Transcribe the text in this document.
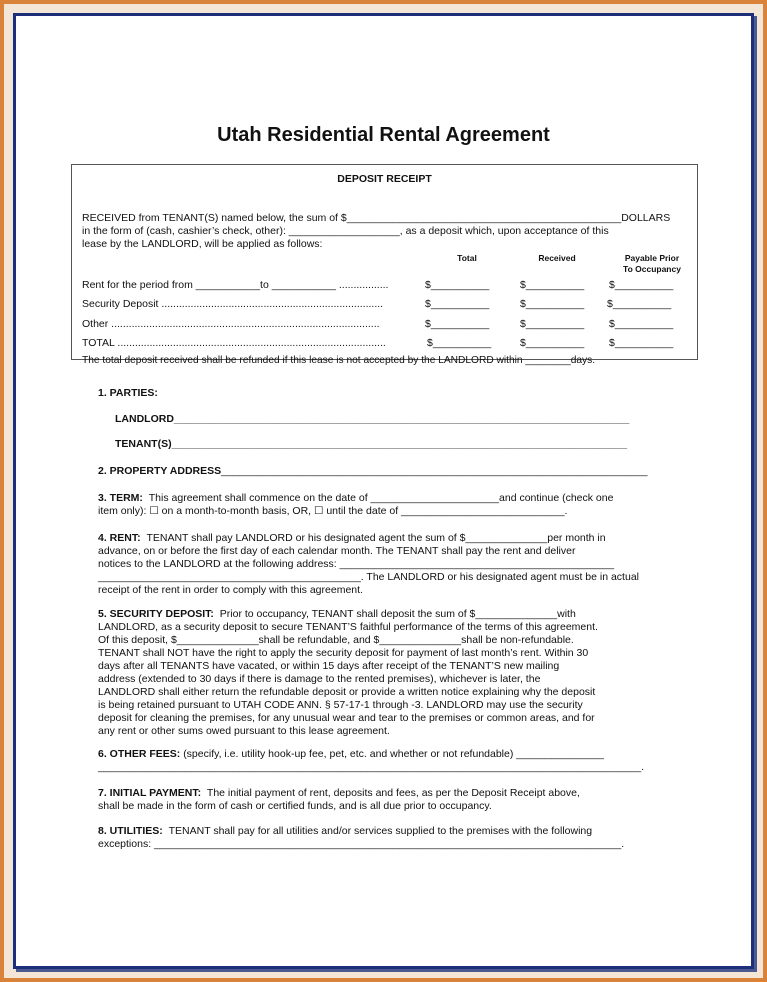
Utah Residential Rental Agreement
DEPOSIT RECEIPT
RECEIVED from TENANT(S) named below, the sum of $_______________________________________________DOLLARS
in the form of (cash, cashier’s check, other): ___________________, as a deposit which, upon acceptance of this
lease by the LANDLORD, will be applied as follows:
Total	Received	Payable Prior
To Occupancy
Rent for the period from ___________to ___________ .................	$__________	$__________ $__________
Security Deposit ............................................................................	$__________	$__________ $__________
Other ............................................................................................	$__________	$__________ $__________
TOTAL ............................................................................................	$__________	$__________ $__________
The total deposit received shall be refunded if this lease is not accepted by the LANDLORD within ________days.
1. PARTIES:
LANDLORD______________________________________________________________________________
TENANT(S)______________________________________________________________________________
2. PROPERTY ADDRESS_________________________________________________________________________
3. TERM: This agreement shall commence on the date of ______________________and continue (check one
item only): ☐ on a month-to-month basis, OR, ☐ until the date of ____________________________.
4. RENT: TENANT shall pay LANDLORD or his designated agent the sum of $______________per month in
advance, on or before the first day of each calendar month. The TENANT shall pay the rent and deliver
notices to the LANDLORD at the following address: _______________________________________________
_____________________________________________. The LANDLORD or his designated agent must be in actual
receipt of the rent in order to comply with this agreement.
5. SECURITY DEPOSIT: Prior to occupancy, TENANT shall deposit the sum of $______________with
LANDLORD, as a security deposit to secure TENANT’S faithful performance of the terms of this agreement.
Of this deposit, $______________shall be refundable, and $______________shall be non-refundable.
TENANT shall NOT have the right to apply the security deposit for payment of last month’s rent. Within 30
days after all TENANTS have vacated, or within 15 days after receipt of the TENANT’S new mailing
address (extended to 30 days if there is damage to the rented premises), whichever is later, the
LANDLORD shall either return the refundable deposit or provide a written notice explaining why the deposit
is being retained pursuant to UTAH CODE ANN. § 57-17-1 through -3. LANDLORD may use the security
deposit for cleaning the premises, for any unusual wear and tear to the premises or common areas, and for
any rent or other sums owed pursuant to this lease agreement.
6. OTHER FEES: (specify, i.e. utility hook-up fee, pet, etc. and whether or not refundable) _______________
_____________________________________________________________________________________________.
7. INITIAL PAYMENT: The initial payment of rent, deposits and fees, as per the Deposit Receipt above,
shall be made in the form of cash or certified funds, and is all due prior to occupancy.
8. UTILITIES: TENANT shall pay for all utilities and/or services supplied to the premises with the following
exceptions: ________________________________________________________________________________.
